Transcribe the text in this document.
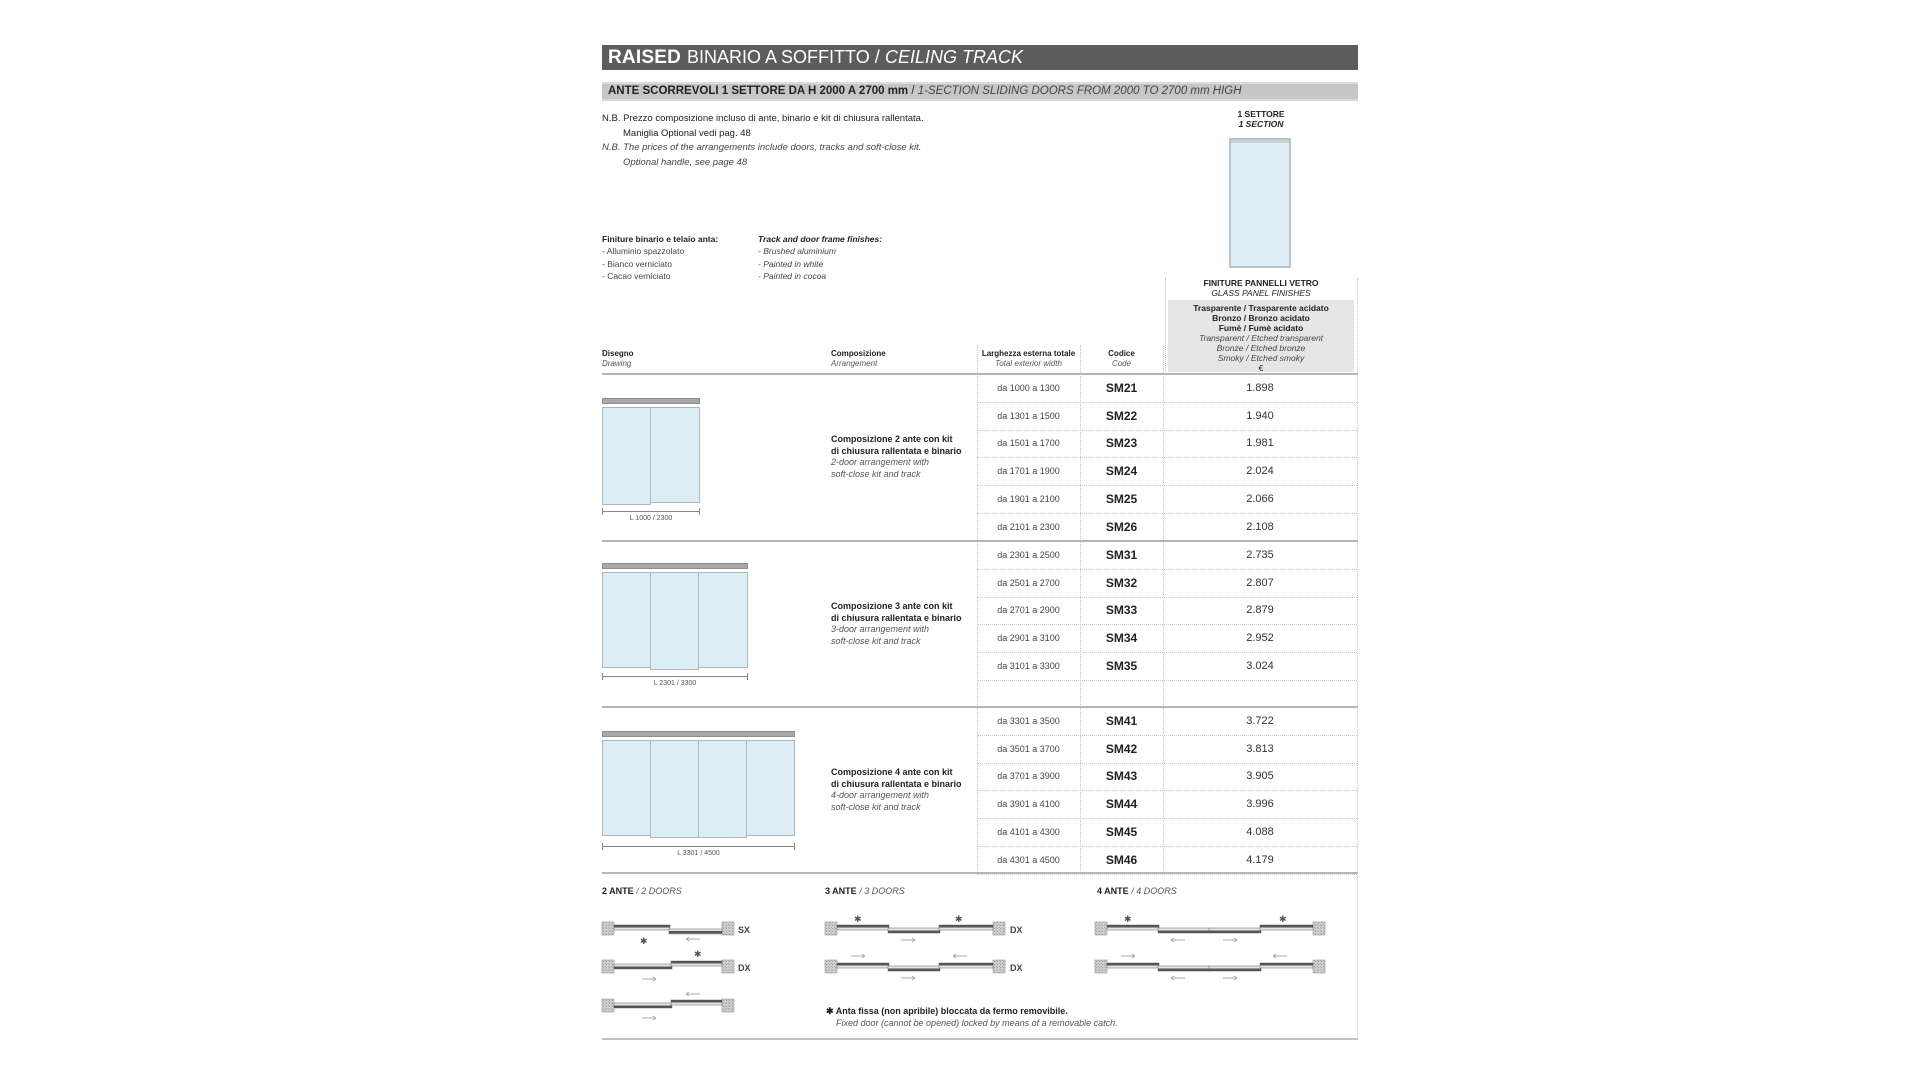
RAISED BINARIO A SOFFITTO / CEILING TRACK
ANTE SCORREVOLI 1 SETTORE DA H 2000 A 2700 mm / 1-SECTION SLIDING DOORS FROM 2000 TO 2700 mm HIGH
N.B. Prezzo composizione incluso di ante, binario e kit di chiusura rallentata.
Maniglia Optional vedi pag. 48
N.B. The prices of the arrangements include doors, tracks and soft-close kit.
Optional handle, see page 48
Finiture binario e telaio anta:
- Alluminio spazzolato
- Bianco verniciato
- Cacao verniciato
Track and door frame finishes:
- Brushed aluminium
- Painted in white
- Painted in cocoa
1 SETTORE
1 SECTION
FINITURE PANNELLI VETRO
GLASS PANEL FINISHES
Trasparente / Trasparente acidato
Bronzo / Bronzo acidato
Fumè / Fumè acidato
Transparent / Etched transparent
Bronze / Etched bronze
Smoky / Etched smoky
€
Disegno
Drawing
Composizione
Arrangement
Larghezza esterna totale
Total exterior width
Codice
Code
da 1000 a 1300	SM21	1.898
da 1301 a 1500	SM22	1.940
da 1501 a 1700	SM23	1.981
da 1701 a 1900	SM24	2.024
da 1901 a 2100	SM25	2.066
da 2101 a 2300	SM26	2.108
da 2301 a 2500	SM31	2.735
da 2501 a 2700	SM32	2.807
da 2701 a 2900	SM33	2.879
da 2901 a 3100	SM34	2.952
da 3101 a 3300	SM35	3.024
da 3301 a 3500	SM41	3.722
da 3501 a 3700	SM42	3.813
da 3701 a 3900	SM43	3.905
da 3901 a 4100	SM44	3.996
da 4101 a 4300	SM45	4.088
da 4301 a 4500	SM46	4.179
L 1000 / 2300
L 2301 / 3300
L 3301 / 4500
Composizione 2 ante con kit
di chiusura rallentata e binario
2-door arrangement with
soft-close kit and track
Composizione 3 ante con kit
di chiusura rallentata e binario
3-door arrangement with
soft-close kit and track
Composizione 4 ante con kit
di chiusura rallentata e binario
4-door arrangement with
soft-close kit and track
2 ANTE / 2 DOORS	3 ANTE / 3 DOORS	4 ANTE / 4 DOORS
✱
✱
SX
DX
✱	✱
DX
DX
✱	✱
✱ Anta fissa (non apribile) bloccata da fermo removibile.
Fixed door (cannot be opened) locked by means of a removable catch.
